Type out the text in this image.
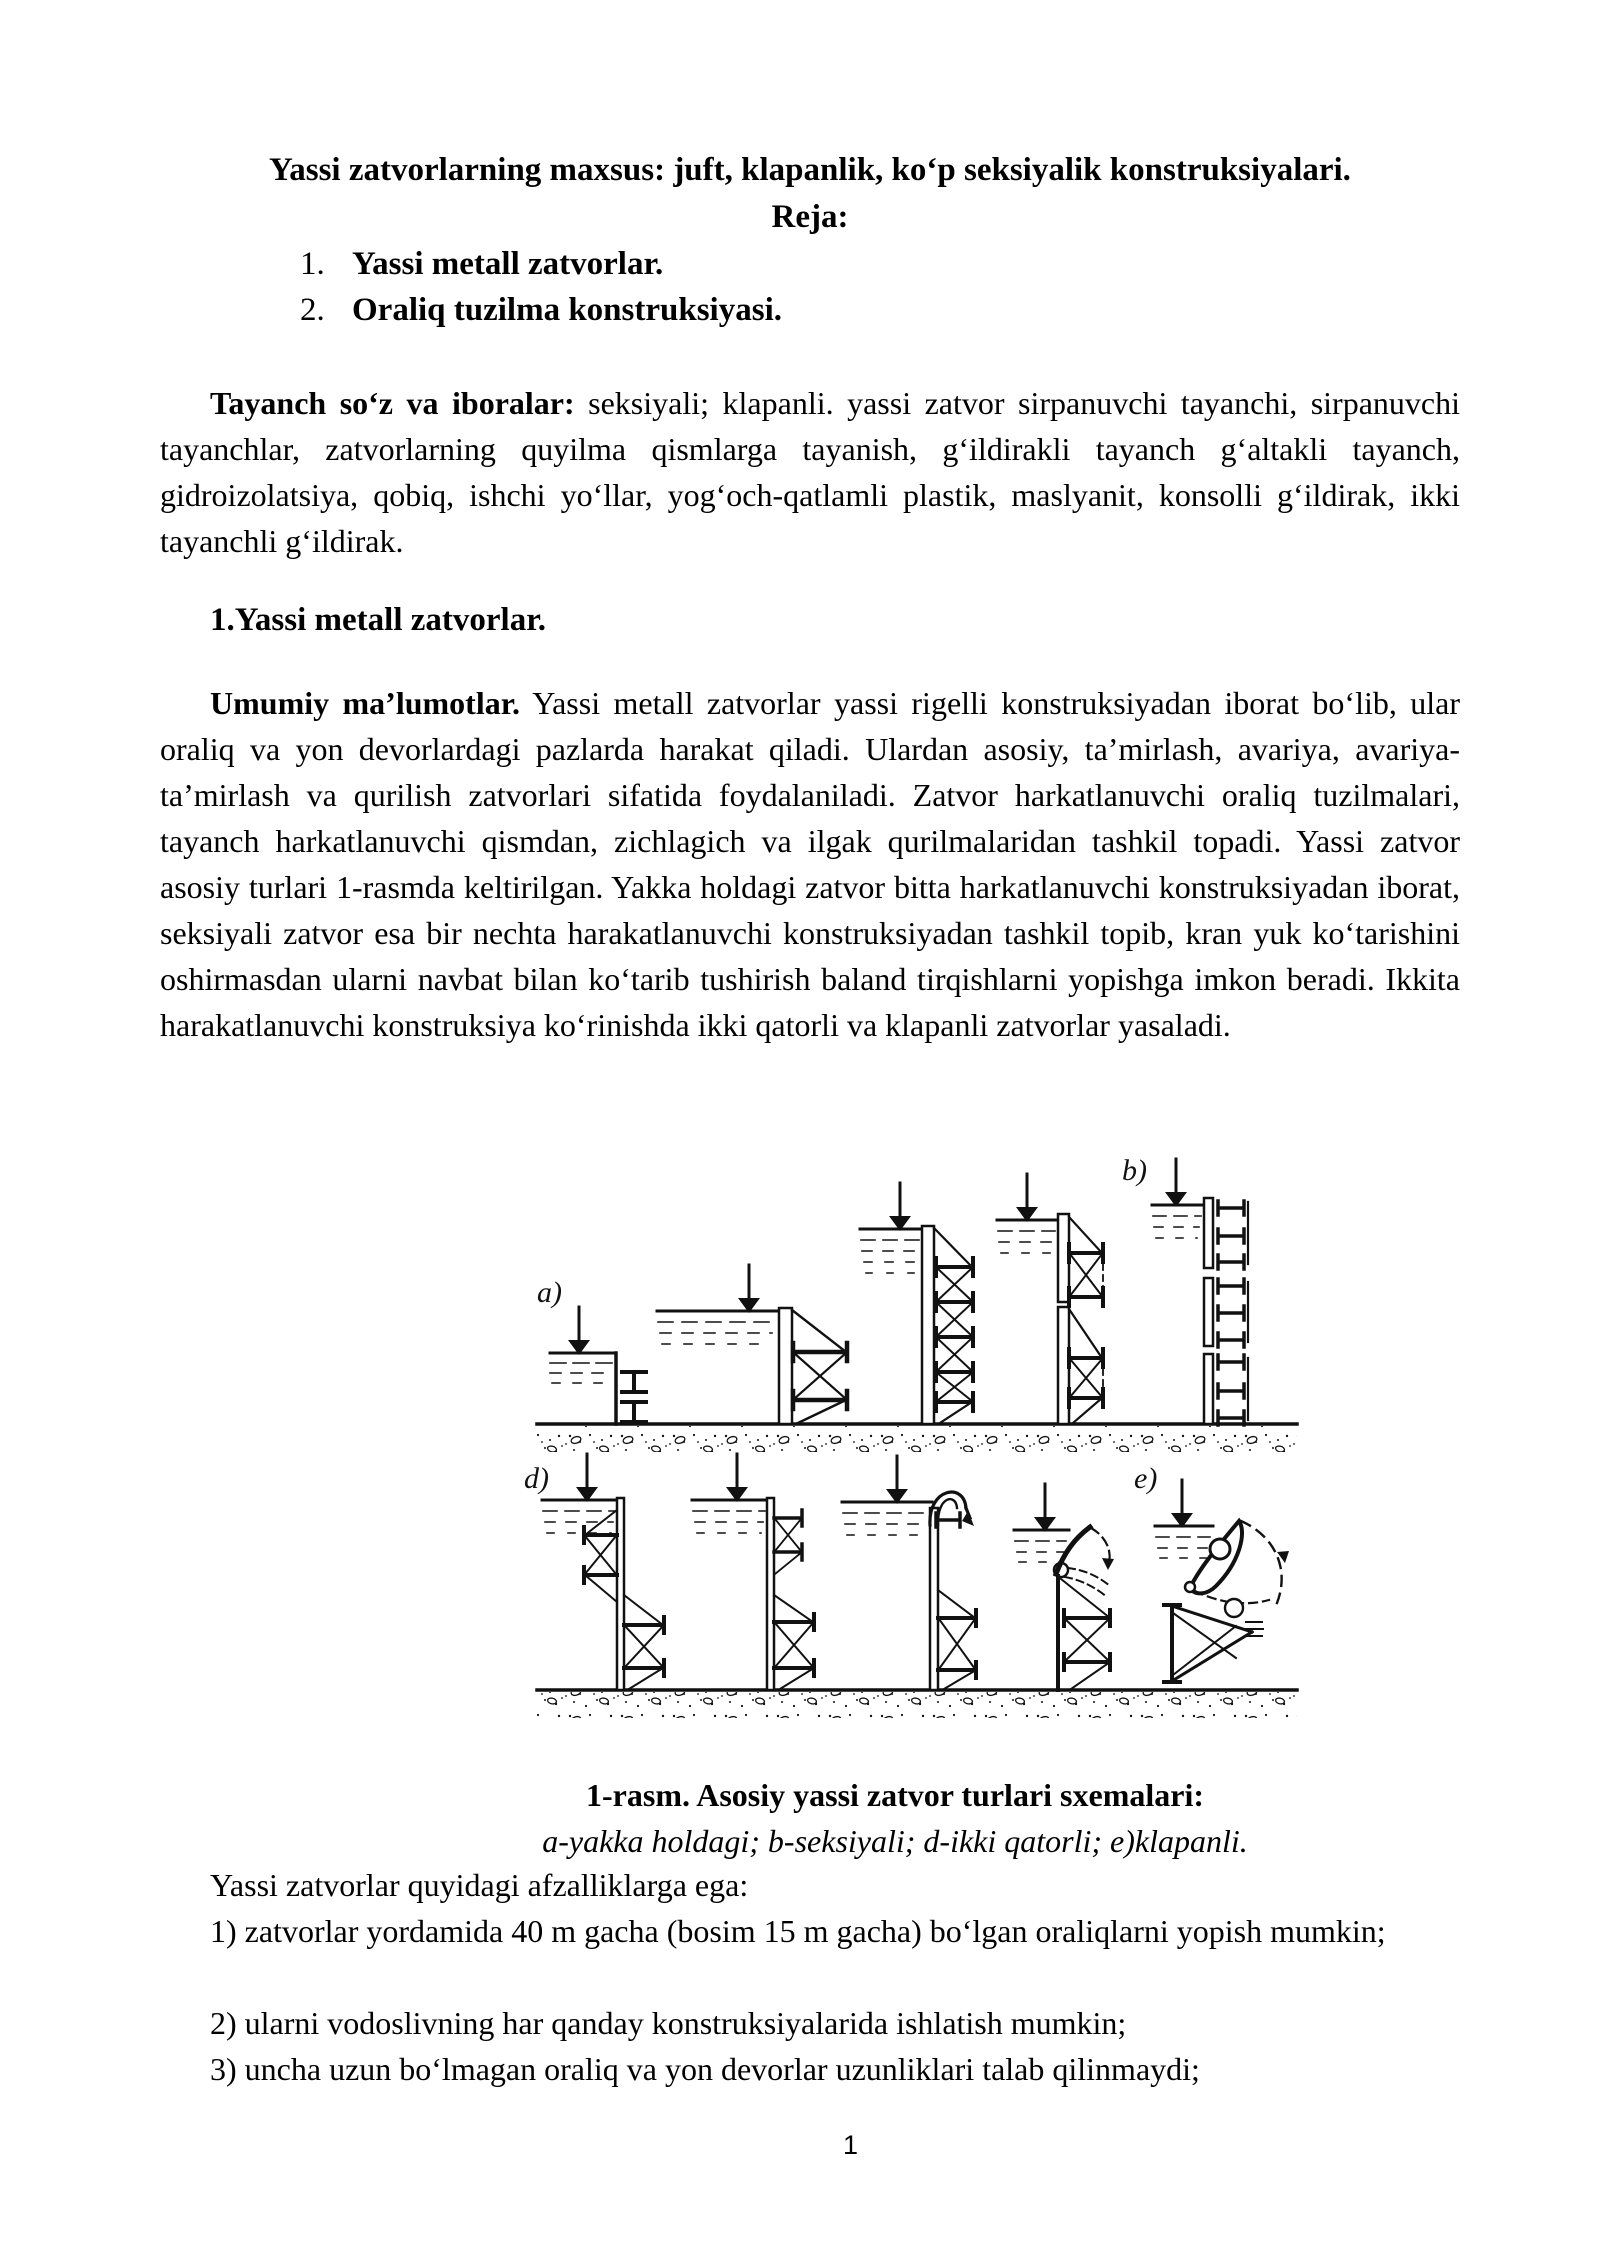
Yassi zatvorlarning maxsus: juft, klapanlik, koʻp seksiyalik konstruksiyalari.
Reja:
1. Yassi metall zatvorlar.
2. Oraliq tuzilma konstruksiyasi.

Tayanch soʻz va iboralar: seksiyali; klapanli. yassi zatvor sirpanuvchi tayanchi, sirpanuvchi tayanchlar, zatvorlarning quyilma qismlarga tayanish, gʻildirakli tayanch gʻaltakli tayanch, gidroizolatsiya, qobiq, ishchi yoʻllar, yogʻoch-qatlamli plastik, maslyanit, konsolli gʻildirak, ikki tayanchli gʻildirak.

1.Yassi metall zatvorlar.

Umumiy ma’lumotlar. Yassi metall zatvorlar yassi rigelli konstruksiyadan iborat boʻlib, ular oraliq va yon devorlardagi pazlarda harakat qiladi. Ulardan asosiy, ta’mirlash, avariya, avariya-ta’mirlash va qurilish zatvorlari sifatida foydalaniladi. Zatvor harkatlanuvchi oraliq tuzilmalari, tayanch harkatlanuvchi qismdan, zichlagich va ilgak qurilmalaridan tashkil topadi. Yassi zatvor asosiy turlari 1-rasmda keltirilgan. Yakka holdagi zatvor bitta harkatlanuvchi konstruksiyadan iborat, seksiyali zatvor esa bir nechta harakatlanuvchi konstruksiyadan tashkil topib, kran yuk koʻtarishini oshirmasdan ularni navbat bilan koʻtarib tushirish baland tirqishlarni yopishga imkon beradi. Ikkita harakatlanuvchi konstruksiya koʻrinishda ikki qatorli va klapanli zatvorlar yasaladi.

a)
b)
d)	e)

1-rasm. Asosiy yassi zatvor turlari sxemalari:

a-yakka holdagi; b-seksiyali; d-ikki qatorli; e)klapanli.

Yassi zatvorlar quyidagi afzalliklarga ega:

1) zatvorlar yordamida 40 m gacha (bosim 15 m gacha) boʻlgan oraliqlarni yopish mumkin;

2) ularni vodoslivning har qanday konstruksiyalarida ishlatish mumkin;

3) uncha uzun boʻlmagan oraliq va yon devorlar uzunliklari talab qilinmaydi;

1
